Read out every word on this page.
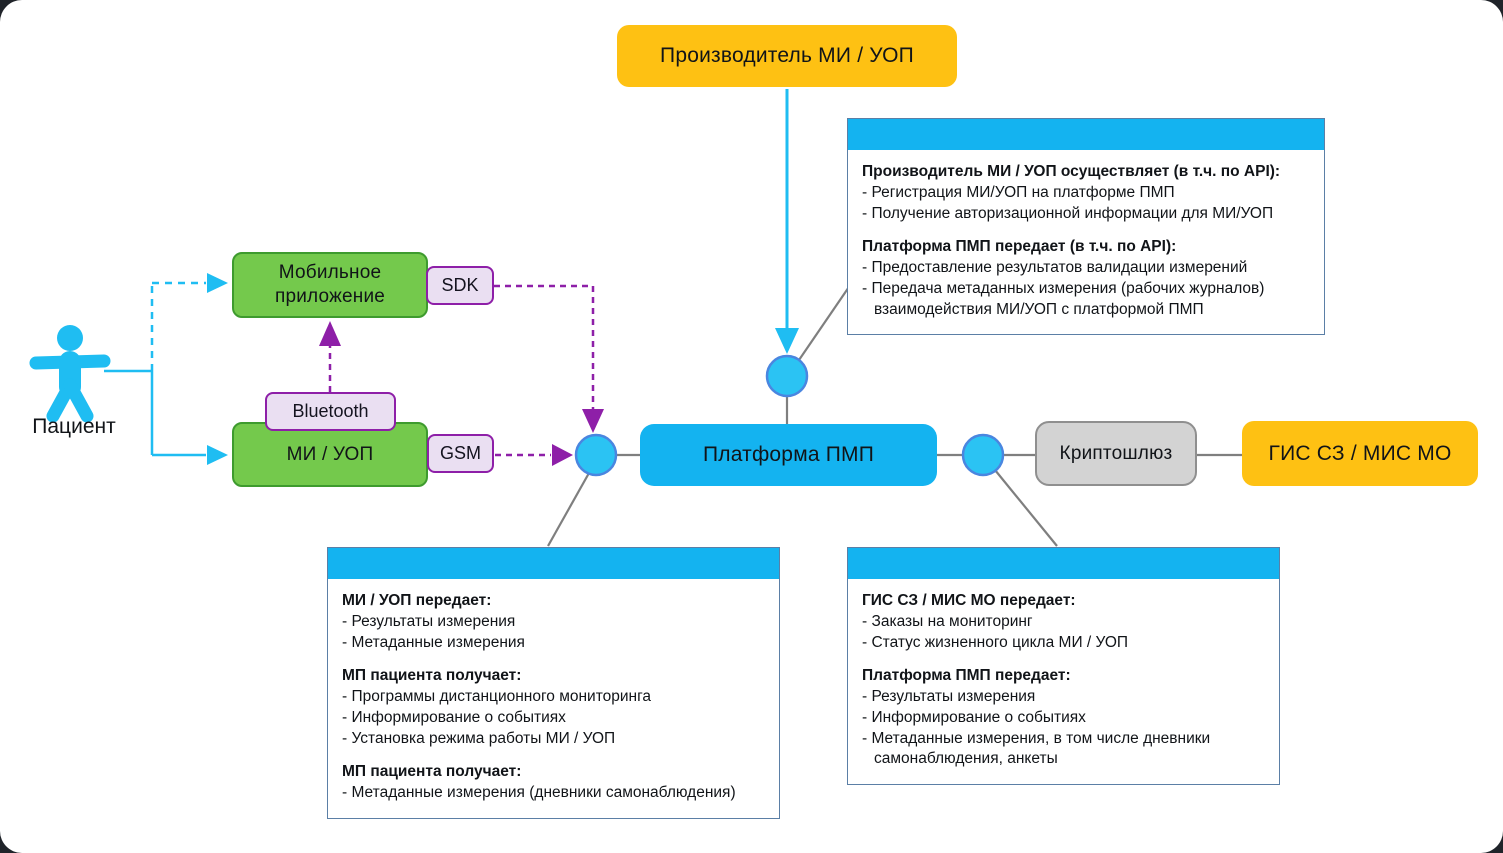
Производитель МИ / УОП
Пациент
Мобильное приложение
SDK
Bluetooth
МИ / УОП	GSM	Платформа ПМП	Криптошлюз	ГИС СЗ / МИС МО
Производитель МИ / УОП осуществляет (в т.ч. по API):
- Регистрация МИ/УОП на платформе ПМП
- Получение авторизационной информации для МИ/УОП
Платформа ПМП передает (в т.ч. по API):
- Предоставление результатов валидации измерений
- Передача метаданных измерения (рабочих журналов) взаимодействия МИ/УОП с платформой ПМП
МИ / УОП передает:
- Результаты измерения
- Метаданные измерения
МП пациента получает:
- Программы дистанционного мониторинга
- Информирование о событиях
- Установка режима работы МИ / УОП
МП пациента получает:
- Метаданные измерения (дневники самонаблюдения)
ГИС СЗ / МИС МО передает:
- Заказы на мониторинг
- Статус жизненного цикла МИ / УОП
Платформа ПМП передает:
- Результаты измерения
- Информирование о событиях
- Метаданные измерения, в том числе дневники самонаблюдения, анкеты
